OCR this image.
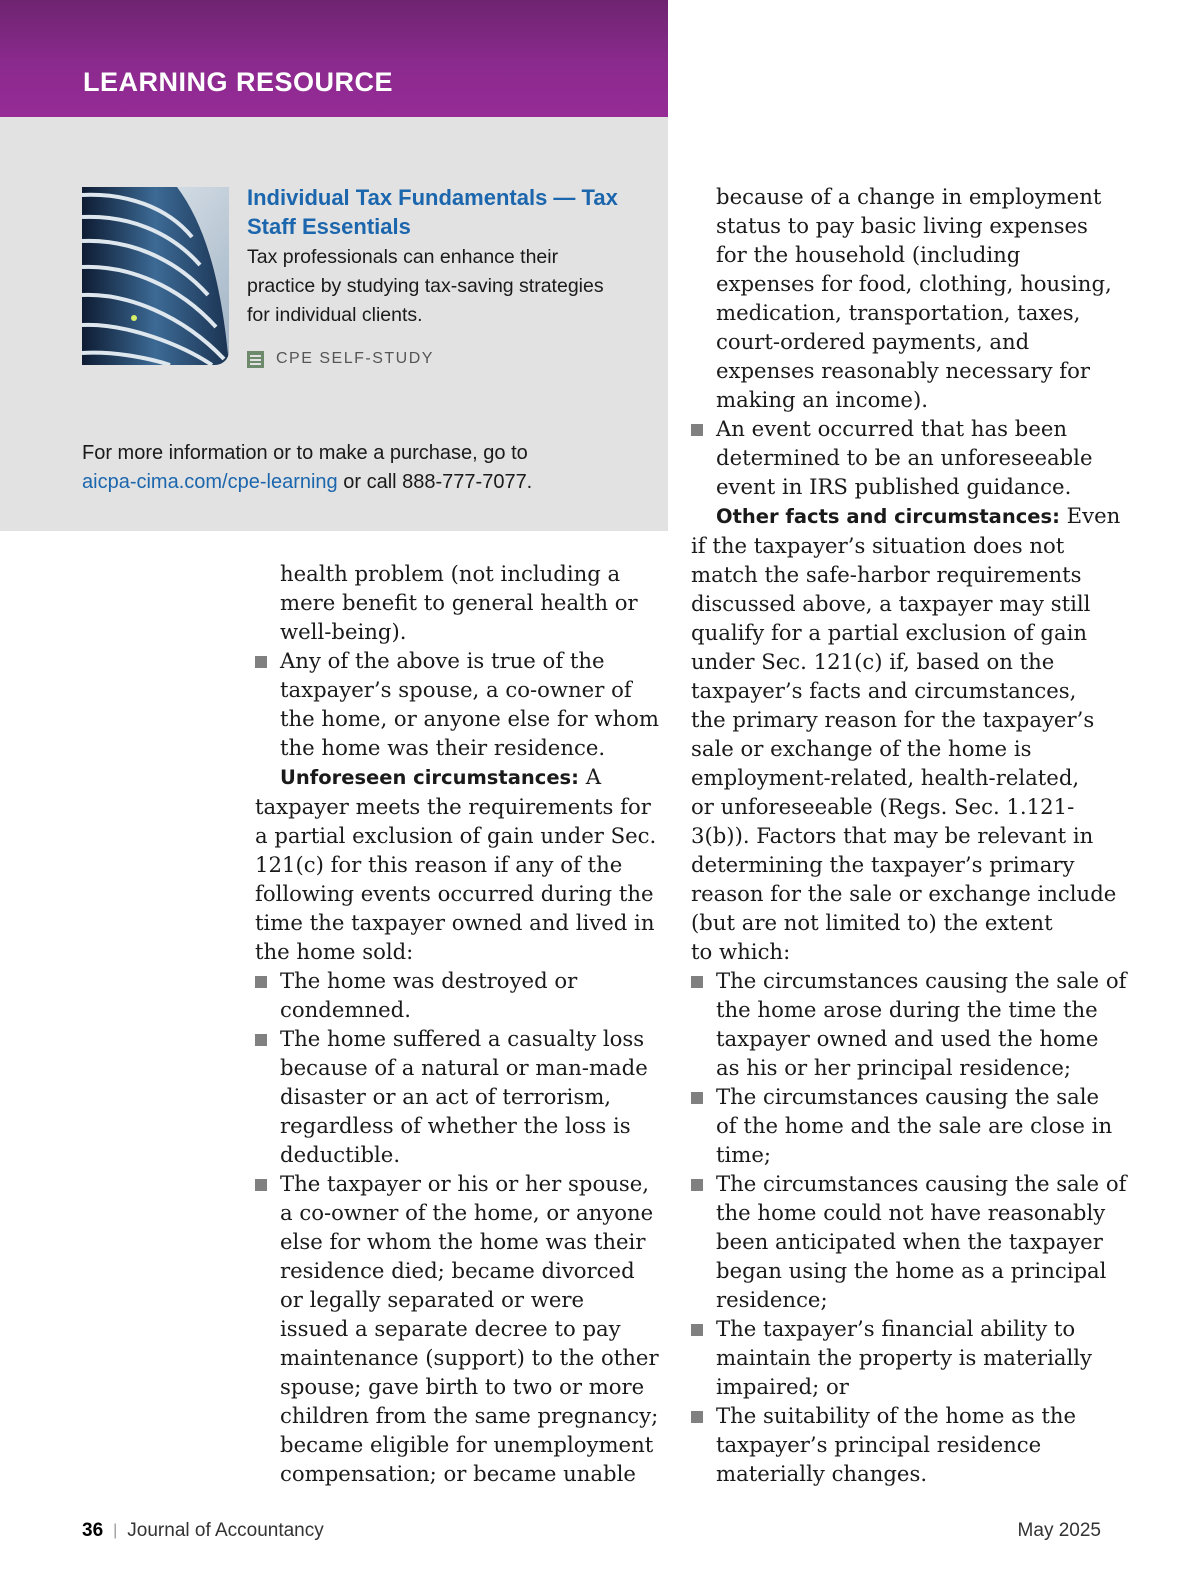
LEARNING RESOURCE
Individual Tax Fundamentals — Tax
Staff Essentials

Tax professionals can enhance their
practice by studying tax-saving strategies
for individual clients.

CPE SELF-STUDY

For more information or to make a purchase, go to
aicpa-cima.com/cpe-learning or call 888-777-7077.

health problem (not including a

mere benefit to general health or

well-being).

Any of the above is true of the

taxpayer’s spouse, a co-owner of

the home, or anyone else for whom

the home was their residence.

Unforeseen circumstances: A

taxpayer meets the requirements for

a partial exclusion of gain under Sec.

121(c) for this reason if any of the

following events occurred during the

time the taxpayer owned and lived in

the home sold:

The home was destroyed or

condemned.

The home suffered a casualty loss

because of a natural or man-made

disaster or an act of terrorism,

regardless of whether the loss is

deductible.

The taxpayer or his or her spouse,

a co-owner of the home, or anyone

else for whom the home was their

residence died; became divorced

or legally separated or were

issued a separate decree to pay

maintenance (support) to the other

spouse; gave birth to two or more

children from the same pregnancy;

became eligible for unemployment

compensation; or became unable

because of a change in employment

status to pay basic living expenses

for the household (including

expenses for food, clothing, housing,

medication, transportation, taxes,

court-ordered payments, and

expenses reasonably necessary for

making an income).

An event occurred that has been

determined to be an unforeseeable

event in IRS published guidance.

Other facts and circumstances: Even

if the taxpayer’s situation does not

match the safe-harbor requirements

discussed above, a taxpayer may still

qualify for a partial exclusion of gain

under Sec. 121(c) if, based on the

taxpayer’s facts and circumstances,

the primary reason for the taxpayer’s

sale or exchange of the home is

employment-related, health-related,

or unforeseeable (Regs. Sec. 1.121-

3(b)). Factors that may be relevant in

determining the taxpayer’s primary

reason for the sale or exchange include

(but are not limited to) the extent

to which:

The circumstances causing the sale of

the home arose during the time the

taxpayer owned and used the home

as his or her principal residence;

The circumstances causing the sale

of the home and the sale are close in

time;

The circumstances causing the sale of

the home could not have reasonably

been anticipated when the taxpayer

began using the home as a principal

residence;

The taxpayer’s financial ability to

maintain the property is materially

impaired; or

The suitability of the home as the

taxpayer’s principal residence

materially changes.

36 | Journal of Accountancy	May 2025
